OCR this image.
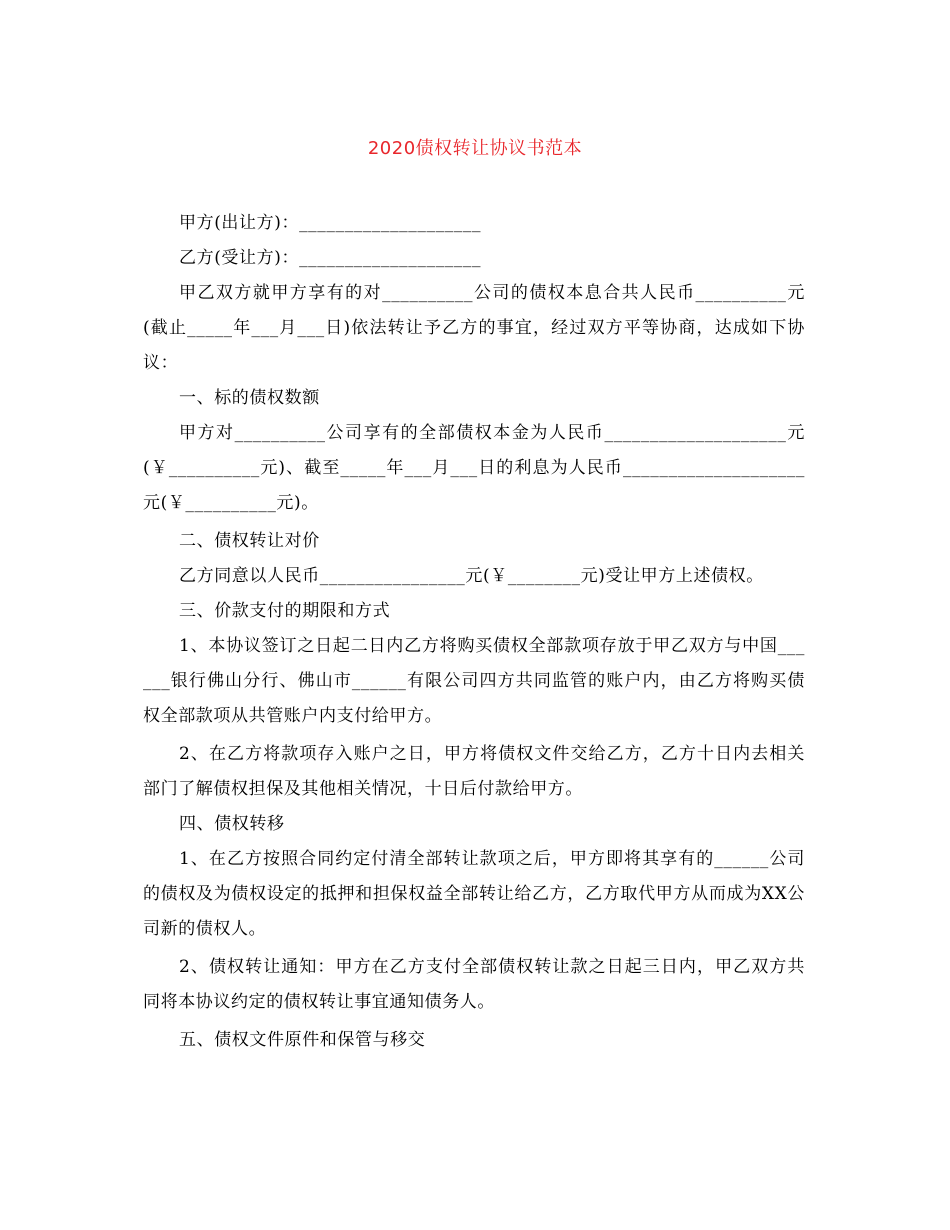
2020债权转让协议书范本

甲方(出让方)：____________________

乙方(受让方)：____________________

甲乙双方就甲方享有的对__________公司的债权本息合共人民币__________元(截止_____年___月___日)依法转让予乙方的事宜，经过双方平等协商，达成如下协议：

一、标的债权数额

甲方对__________公司享有的全部债权本金为人民币____________________元(￥__________元)、截至_____年___月___日的利息为人民币____________________元(￥__________元)。

二、债权转让对价

乙方同意以人民币________________元(￥________元)受让甲方上述债权。

三、价款支付的期限和方式

1、本协议签订之日起二日内乙方将购买债权全部款项存放于甲乙双方与中国______银行佛山分行、佛山市______有限公司四方共同监管的账户内，由乙方将购买债权全部款项从共管账户内支付给甲方。

2、在乙方将款项存入账户之日，甲方将债权文件交给乙方，乙方十日内去相关部门了解债权担保及其他相关情况，十日后付款给甲方。

四、债权转移

1、在乙方按照合同约定付清全部转让款项之后，甲方即将其享有的______公司的债权及为债权设定的抵押和担保权益全部转让给乙方，乙方取代甲方从而成为XX公司新的债权人。

2、债权转让通知：甲方在乙方支付全部债权转让款之日起三日内，甲乙双方共同将本协议约定的债权转让事宜通知债务人。

五、债权文件原件和保管与移交
